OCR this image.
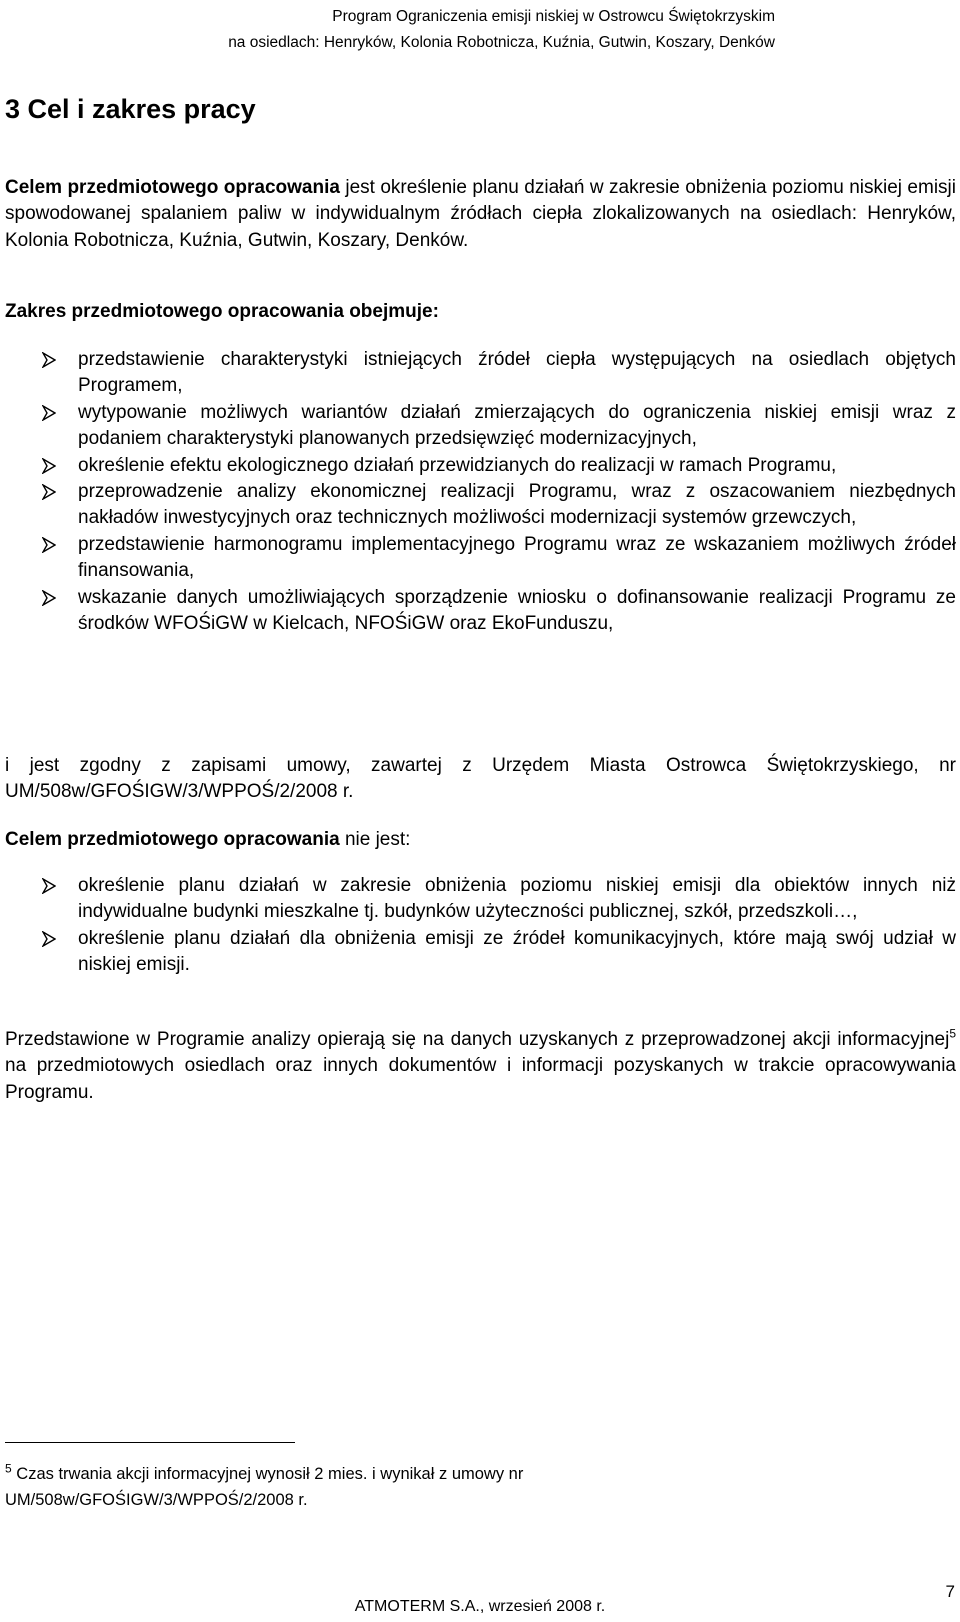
Program Ograniczenia emisji niskiej w Ostrowcu Świętokrzyskim
na osiedlach: Henryków, Kolonia Robotnicza, Kuźnia, Gutwin, Koszary, Denków
3 Cel i zakres pracy

Celem przedmiotowego opracowania jest określenie planu działań w zakresie obniżenia poziomu niskiej emisji spowodowanej spalaniem paliw w indywidualnym źródłach ciepła zlokalizowanych na osiedlach: Henryków, Kolonia Robotnicza, Kuźnia, Gutwin, Koszary, Denków.

Zakres przedmiotowego opracowania obejmuje:

przedstawienie charakterystyki istniejących źródeł ciepła występujących na osiedlach objętych Programem,
wytypowanie możliwych wariantów działań zmierzających do ograniczenia niskiej emisji wraz z podaniem charakterystyki planowanych przedsięwzięć modernizacyjnych,
określenie efektu ekologicznego działań przewidzianych do realizacji w ramach Programu,
przeprowadzenie analizy ekonomicznej realizacji Programu, wraz z oszacowaniem niezbędnych nakładów inwestycyjnych oraz technicznych możliwości modernizacji systemów grzewczych,
przedstawienie harmonogramu implementacyjnego Programu wraz ze wskazaniem możliwych źródeł finansowania,
wskazanie danych umożliwiających sporządzenie wniosku o dofinansowanie realizacji Programu ze środków WFOŚiGW w Kielcach, NFOŚiGW oraz EkoFunduszu,

i jest zgodny z zapisami umowy, zawartej z Urzędem Miasta Ostrowca Świętokrzyskiego, nr UM/508w/GFOŚIGW/3/WPPOŚ/2/2008 r.

Celem przedmiotowego opracowania nie jest:

określenie planu działań w zakresie obniżenia poziomu niskiej emisji dla obiektów innych niż indywidualne budynki mieszkalne tj. budynków użyteczności publicznej, szkół, przedszkoli…,
określenie planu działań dla obniżenia emisji ze źródeł komunikacyjnych, które mają swój udział w niskiej emisji.

Przedstawione w Programie analizy opierają się na danych uzyskanych z przeprowadzonej akcji informacyjnej$^5$ na przedmiotowych osiedlach oraz innych dokumentów i informacji pozyskanych w trakcie opracowywania Programu.

$^5$ Czas trwania akcji informacyjnej wynosił 2 mies. i wynikał z umowy nr UM/508w/GFOŚIGW/3/WPPOŚ/2/2008 r.
7
ATMOTERM S.A., wrzesień 2008 r.
